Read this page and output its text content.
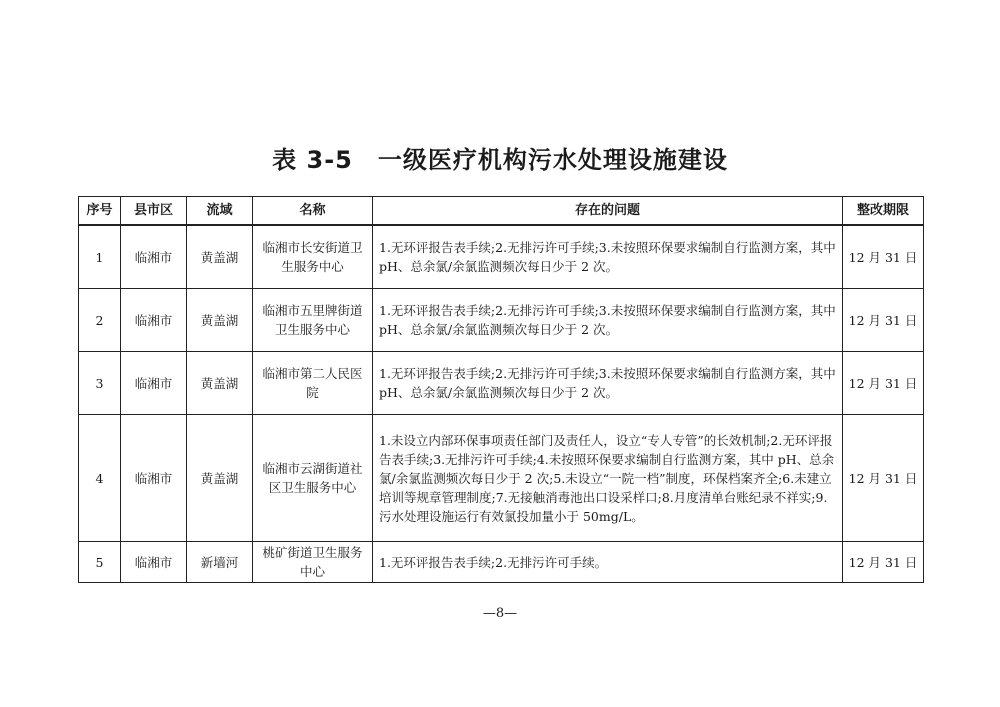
表 3-5　一级医疗机构污水处理设施建设
序号	县市区	流域	名称	存在的问题	整改期限
1	临湘市	黄盖湖	临湘市长安街道卫生服务中心	1.无环评报告表手续;2.无排污许可手续;3.未按照环保要求编制自行监测方案，其中 pH、总余氯/余氯监测频次每日少于 2 次。	12 月 31 日
2	临湘市	黄盖湖	临湘市五里牌街道卫生服务中心	1.无环评报告表手续;2.无排污许可手续;3.未按照环保要求编制自行监测方案，其中 pH、总余氯/余氯监测频次每日少于 2 次。	12 月 31 日
3	临湘市	黄盖湖	临湘市第二人民医院	1.无环评报告表手续;2.无排污许可手续;3.未按照环保要求编制自行监测方案，其中 pH、总余氯/余氯监测频次每日少于 2 次。	12 月 31 日
4	临湘市	黄盖湖	临湘市云湖街道社区卫生服务中心	1.未设立内部环保事项责任部门及责任人，设立“专人专管”的长效机制;2.无环评报告表手续;3.无排污许可手续;4.未按照环保要求编制自行监测方案，其中 pH、总余氯/余氯监测频次每日少于 2 次;5.未设立“一院一档”制度，环保档案齐全;6.未建立培训等规章管理制度;7.无接触消毒池出口设采样口;8.月度清单台账纪录不祥实;9.污水处理设施运行有效氯投加量小于 50mg/L。	12 月 31 日
5	临湘市	新墙河	桃矿街道卫生服务中心	1.无环评报告表手续;2.无排污许可手续。	12 月 31 日
—8—
